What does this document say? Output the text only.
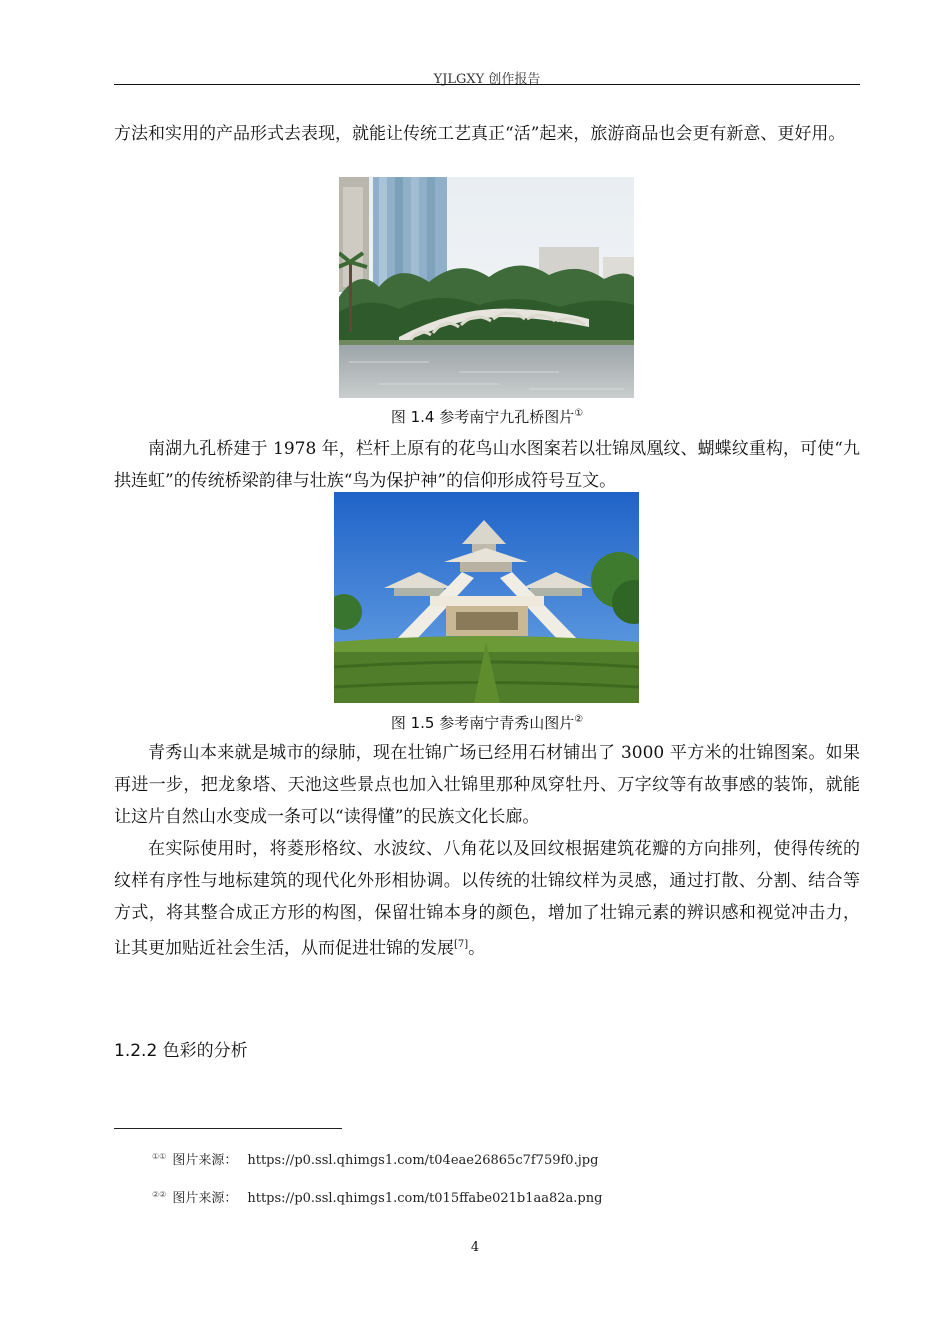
YJLGXY 创作报告

方法和实用的产品形式去表现，就能让传统工艺真正“活”起来，旅游商品也会更有新意、更好用。

图 1.4 参考南宁九孔桥图片①

南湖九孔桥建于 1978 年，栏杆上原有的花鸟山水图案若以壮锦凤凰纹、蝴蝶纹重构，可使“九拱连虹”的传统桥梁韵律与壮族“鸟为保护神”的信仰形成符号互文。

图 1.5 参考南宁青秀山图片②

青秀山本来就是城市的绿肺，现在壮锦广场已经用石材铺出了 3000 平方米的壮锦图案。如果再进一步，把龙象塔、天池这些景点也加入壮锦里那种凤穿牡丹、万字纹等有故事感的装饰，就能让这片自然山水变成一条可以“读得懂”的民族文化长廊。

在实际使用时，将菱形格纹、水波纹、八角花以及回纹根据建筑花瓣的方向排列，使得传统的纹样有序性与地标建筑的现代化外形相协调。以传统的壮锦纹样为灵感，通过打散、分割、结合等方式，将其整合成正方形的构图，保留壮锦本身的颜色，增加了壮锦元素的辨识感和视觉冲击力，让其更加贴近社会生活，从而促进壮锦的发展[7]。

1.2.2 色彩的分析
①① 图片来源： https://p0.ssl.qhimgs1.com/t04eae26865c7f759f0.jpg
②② 图片来源： https://p0.ssl.qhimgs1.com/t015ffabe021b1aa82a.png
4
